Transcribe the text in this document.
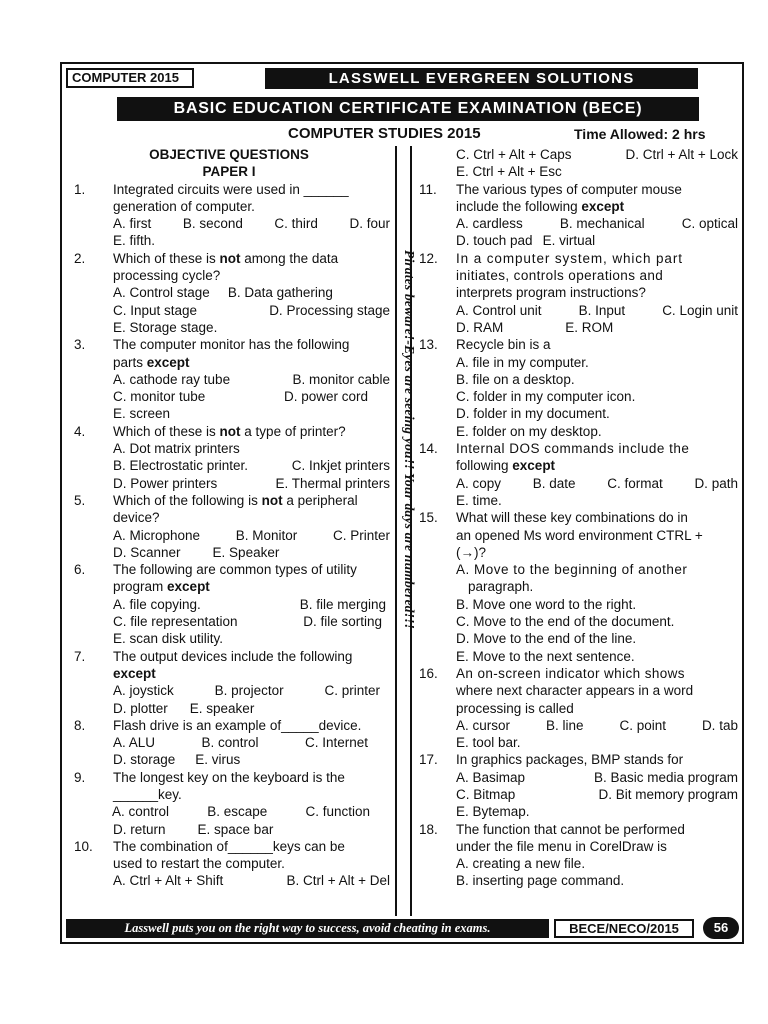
COMPUTER 2015	LASSWELL EVERGREEN SOLUTIONS
BASIC EDUCATION CERTIFICATE EXAMINATION (BECE)
COMPUTER STUDIES 2015	Time Allowed: 2 hrs
Pirates beware!-Eyes are seeing you!! Your days are numbered!!!
OBJECTIVE QUESTIONS
PAPER I
1. Integrated circuits were used in ______
generation of computer.
A. first B. second C. third D. four
E. fifth.
2. Which of these is not among the data
processing cycle?
A. Control stage B. Data gathering
C. Input stage	D. Processing stage
E. Storage stage.
3. The computer monitor has the following
parts except
A. cathode ray tube	B. monitor cable
C. monitor tube	D. power cord
E. screen
4. Which of these is not a type of printer?
A. Dot matrix printers
B. Electrostatic printer.	C. Inkjet printers
D. Power printers	E. Thermal printers
5. Which of the following is not a peripheral
device?
A. Microphone	B. Monitor	C. Printer
D. Scanner E. Speaker
6. The following are common types of utility
program except
A. file copying.	B. file merging
C. file representation	D. file sorting
E. scan disk utility.
7. The output devices include the following
except
A. joystick	B. projector	C. printer
D. plotter E. speaker
8. Flash drive is an example of_____device.
A. ALU	B. control	C. Internet
D. storage E. virus
9. The longest key on the keyboard is the
______key.
A. control	B. escape	C. function
D. return E. space bar
10. The combination of______keys can be
used to restart the computer.
A. Ctrl + Alt + Shift	B. Ctrl + Alt + Del
C. Ctrl + Alt + Caps	D. Ctrl + Alt + Lock
E. Ctrl + Alt + Esc
11. The various types of computer mouse
include the following except
A. cardless	B. mechanical	C. optical
D. touch pad E. virtual
12. In a computer system, which part
initiates, controls operations and
interprets program instructions?
A. Control unit	B. Input	C. Login unit
D. RAM	E. ROM
13. Recycle bin is a
A. file in my computer.
B. file on a desktop.
C. folder in my computer icon.
D. folder in my document.
E. folder on my desktop.
14. Internal DOS commands include the
following except
A. copy B. date C. format D. path
E. time.
15. What will these key combinations do in
an opened Ms word environment CTRL +
(→)?
A. Move to the beginning of another
paragraph.
B. Move one word to the right.
C. Move to the end of the document.
D. Move to the end of the line.
E. Move to the next sentence.
16. An on-screen indicator which shows
where next character appears in a word
processing is called
A. cursor	B. line	C. point	D. tab
E. tool bar.
17. In graphics packages, BMP stands for
A. Basimap	B. Basic media program
C. Bitmap	D. Bit memory program
E. Bytemap.
18. The function that cannot be performed
under the file menu in CorelDraw is
A. creating a new file.
B. inserting page command.
Lasswell puts you on the right way to success, avoid cheating in exams.	BECE/NECO/2015	56
